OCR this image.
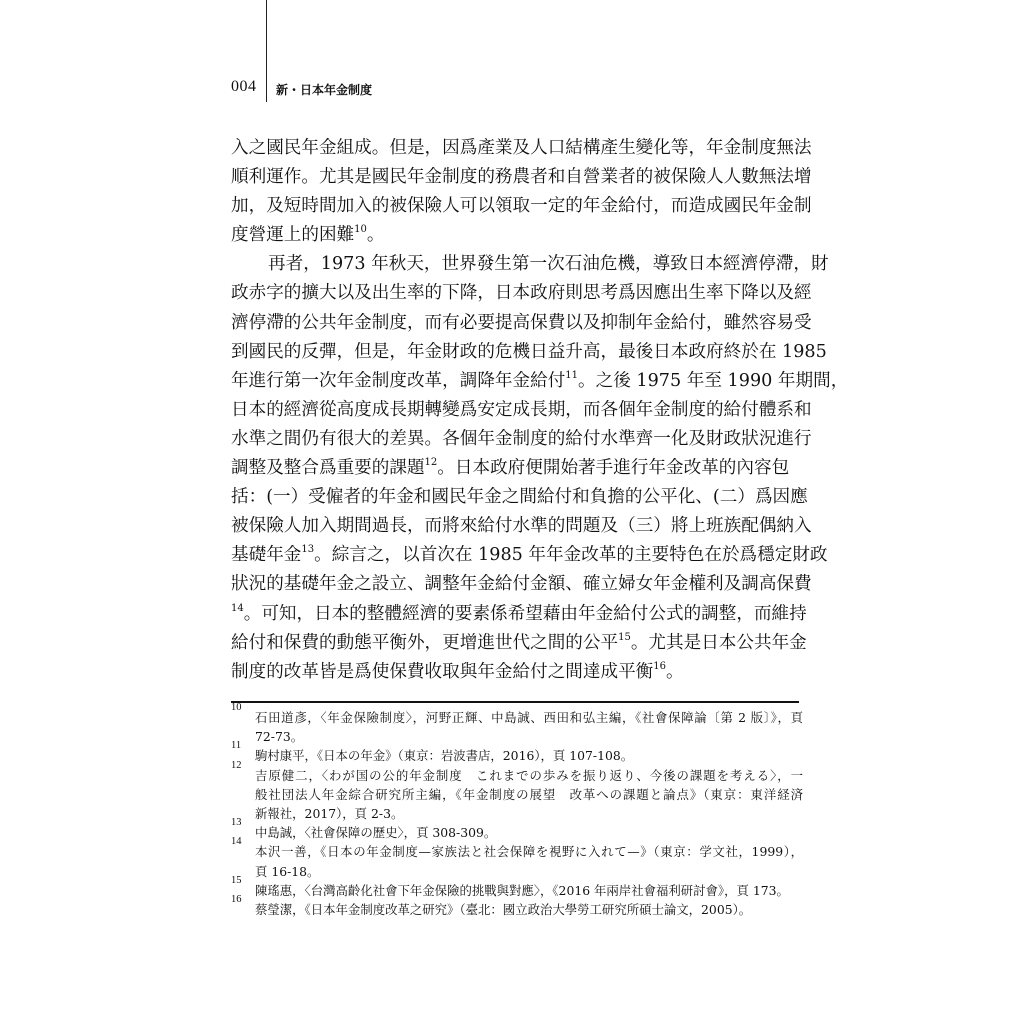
004 新・日本年金制度
入之國民年金組成。但是，因爲產業及人口結構產生變化等，年金制度無法
順利運作。尤其是國民年金制度的務農者和自營業者的被保險人人數無法增
加，及短時間加入的被保險人可以領取一定的年金給付，而造成國民年金制
度營運上的困難$^{10}$。
再者，1973 年秋天，世界發生第一次石油危機，導致日本經濟停滯，財
政赤字的擴大以及出生率的下降，日本政府則思考爲因應出生率下降以及經
濟停滯的公共年金制度，而有必要提高保費以及抑制年金給付，雖然容易受
到國民的反彈，但是，年金財政的危機日益升高，最後日本政府終於在 1985
年進行第一次年金制度改革，調降年金給付$^{11}$。之後 1975 年至 1990 年期間，
日本的經濟從高度成長期轉變爲安定成長期，而各個年金制度的給付體系和
水準之間仍有很大的差異。各個年金制度的給付水準齊一化及財政狀況進行
調整及整合爲重要的課題$^{12}$。日本政府便開始著手進行年金改革的內容包
括：(一）受僱者的年金和國民年金之間給付和負擔的公平化、(二）爲因應
被保險人加入期間過長，而將來給付水準的問題及（三）將上班族配偶納入
基礎年金$^{13}$。綜言之，以首次在 1985 年年金改革的主要特色在於爲穩定財政
狀況的基礎年金之設立、調整年金給付金額、確立婦女年金權利及調高保費
$^{14}$。可知，日本的整體經濟的要素係希望藉由年金給付公式的調整，而維持
給付和保費的動態平衡外，更增進世代之間的公平$^{15}$。尤其是日本公共年金
制度的改革皆是爲使保費收取與年金給付之間達成平衡$^{16}$。
10
石田道彥，〈年金保險制度〉，河野正輝、中島誠、西田和弘主編，《社會保障論〔第 2 版〕》，頁
72-73。
11
駒村康平，《日本の年金》（東京：岩波書店，2016），頁 107-108。
12
吉原健二，〈わが国の公的年金制度　これまでの歩みを振り返り、今後の課題を考える〉，一
般社団法人年金綜合研究所主編，《年金制度の展望　改革への課題と論点》（東京：東洋経済
新報社，2017），頁 2-3。
13
中島誠，〈社會保障の歷史〉，頁 308-309。
14
本沢一善，《日本の年金制度—家族法と社会保障を視野に入れて—》（東京：学文社，1999），
頁 16-18。
15
陳瑤惠，〈台灣高齡化社會下年金保險的挑戰與對應〉，《2016 年兩岸社會福利研討會》，頁 173。
16
蔡瑩潔，《日本年金制度改革之研究》（臺北：國立政治大學勞工研究所碩士論文，2005）。
